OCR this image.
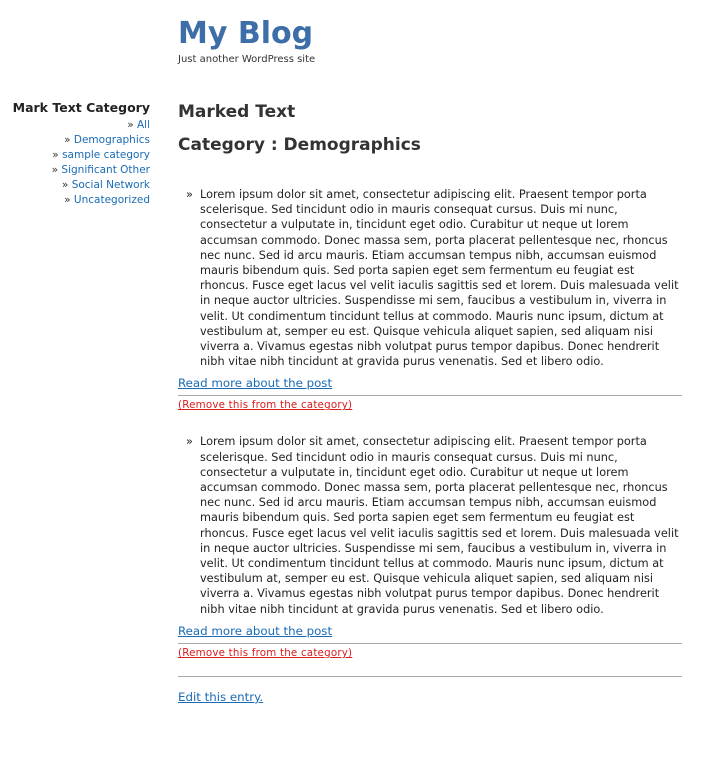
My Blog
Just another WordPress site
Mark Text Category
» All
» Demographics
» sample category
» Significant Other
» Social Network
» Uncategorized
Marked Text
Category : Demographics
» Lorem ipsum dolor sit amet, consectetur adipiscing elit. Praesent tempor porta scelerisque. Sed tincidunt odio in mauris consequat cursus. Duis mi nunc, consectetur a vulputate in, tincidunt eget odio. Curabitur ut neque ut lorem accumsan commodo. Donec massa sem, porta placerat pellentesque nec, rhoncus nec nunc. Sed id arcu mauris. Etiam accumsan tempus nibh, accumsan euismod mauris bibendum quis. Sed porta sapien eget sem fermentum eu feugiat est rhoncus. Fusce eget lacus vel velit iaculis sagittis sed et lorem. Duis malesuada velit in neque auctor ultricies. Suspendisse mi sem, faucibus a vestibulum in, viverra in velit. Ut condimentum tincidunt tellus at commodo. Mauris nunc ipsum, dictum at vestibulum at, semper eu est. Quisque vehicula aliquet sapien, sed aliquam nisi viverra a. Vivamus egestas nibh volutpat purus tempor dapibus. Donec hendrerit nibh vitae nibh tincidunt at gravida purus venenatis. Sed et libero odio.
Read more about the post
(Remove this from the category)
» Lorem ipsum dolor sit amet, consectetur adipiscing elit. Praesent tempor porta scelerisque. Sed tincidunt odio in mauris consequat cursus. Duis mi nunc, consectetur a vulputate in, tincidunt eget odio. Curabitur ut neque ut lorem accumsan commodo. Donec massa sem, porta placerat pellentesque nec, rhoncus nec nunc. Sed id arcu mauris. Etiam accumsan tempus nibh, accumsan euismod mauris bibendum quis. Sed porta sapien eget sem fermentum eu feugiat est rhoncus. Fusce eget lacus vel velit iaculis sagittis sed et lorem. Duis malesuada velit in neque auctor ultricies. Suspendisse mi sem, faucibus a vestibulum in, viverra in velit. Ut condimentum tincidunt tellus at commodo. Mauris nunc ipsum, dictum at vestibulum at, semper eu est. Quisque vehicula aliquet sapien, sed aliquam nisi viverra a. Vivamus egestas nibh volutpat purus tempor dapibus. Donec hendrerit nibh vitae nibh tincidunt at gravida purus venenatis. Sed et libero odio.
Read more about the post
(Remove this from the category)
Edit this entry.
